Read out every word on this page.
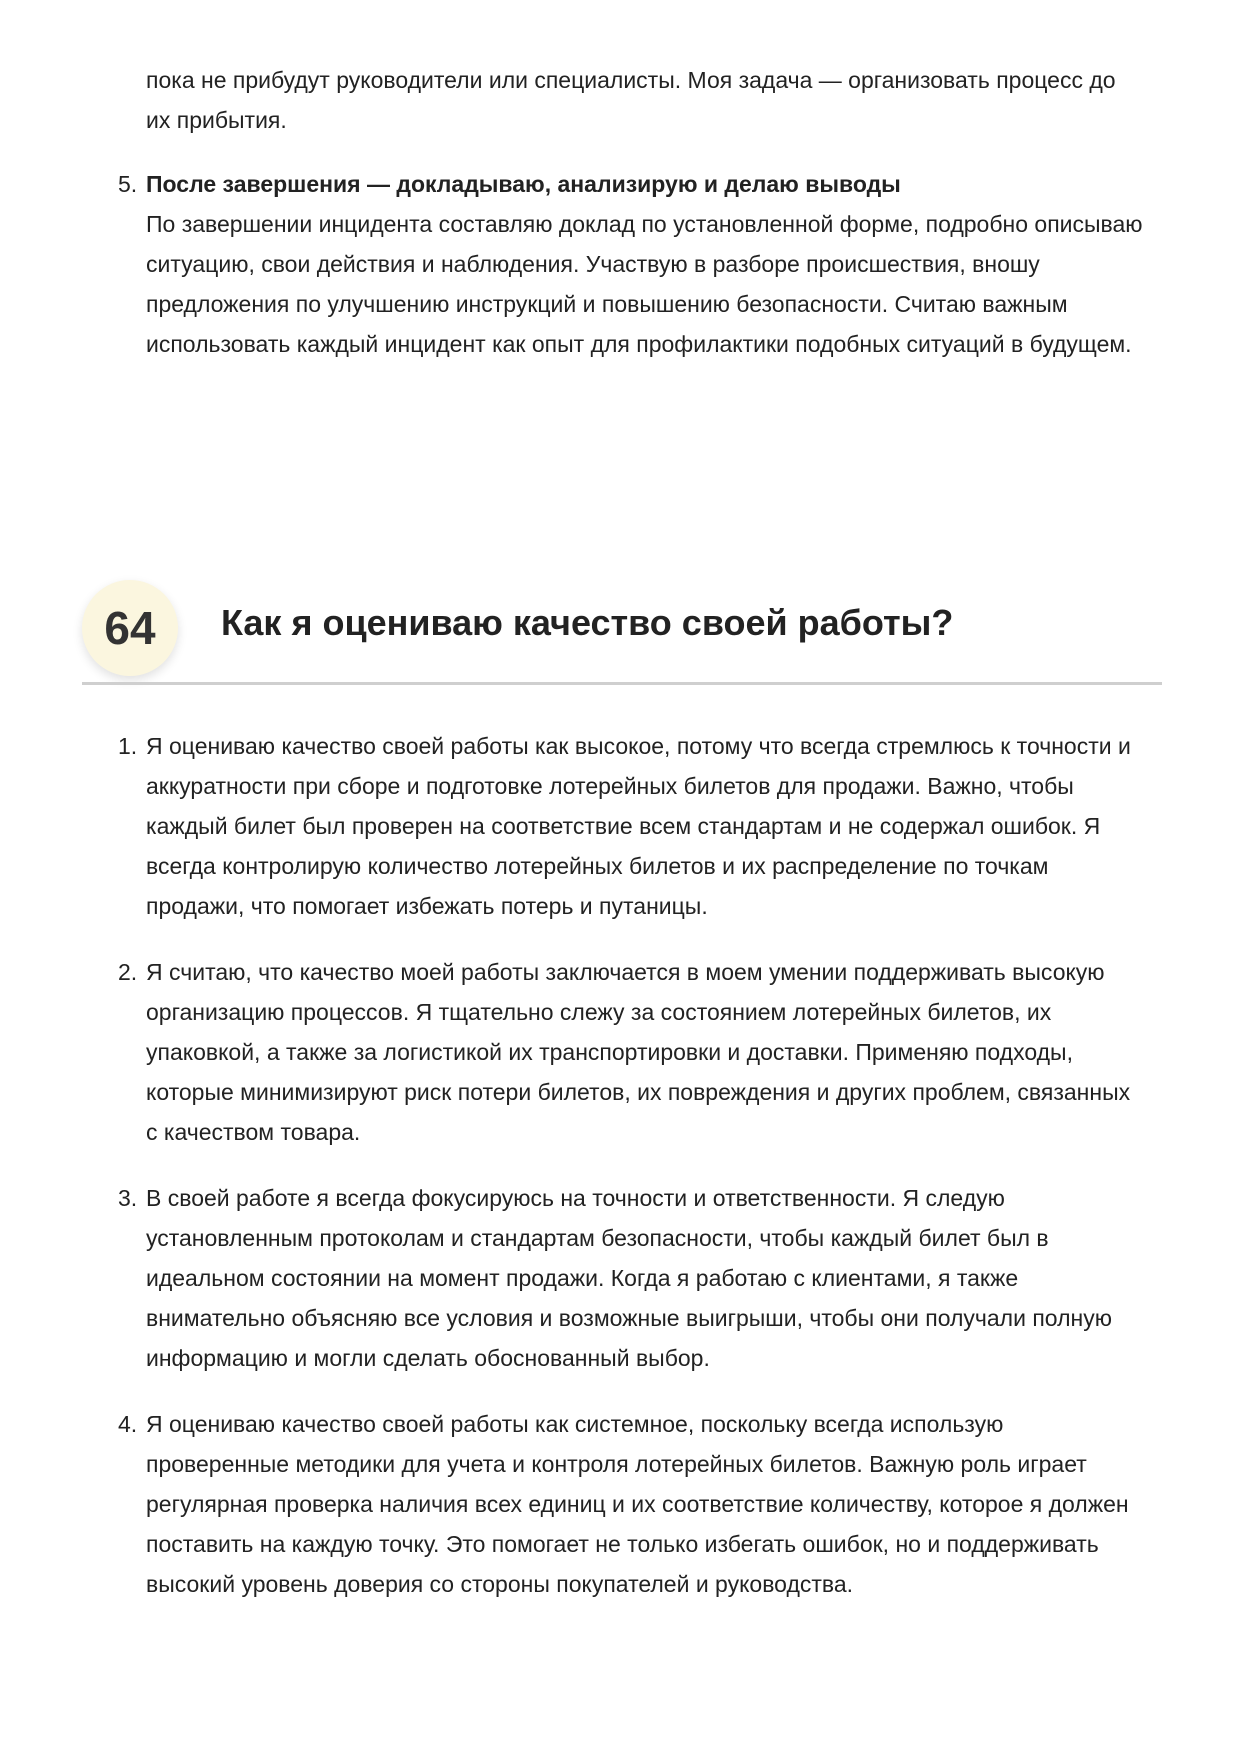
пока не прибудут руководители или специалисты. Моя задача — организовать процесс до их прибытия.
5. После завершения — докладываю, анализирую и делаю выводы
По завершении инцидента составляю доклад по установленной форме, подробно описываю ситуацию, свои действия и наблюдения. Участвую в разборе происшествия, вношу предложения по улучшению инструкций и повышению безопасности. Считаю важным использовать каждый инцидент как опыт для профилактики подобных ситуаций в будущем.
64	Как я оцениваю качество своей работы?
1. Я оцениваю качество своей работы как высокое, потому что всегда стремлюсь к точности и аккуратности при сборе и подготовке лотерейных билетов для продажи. Важно, чтобы каждый билет был проверен на соответствие всем стандартам и не содержал ошибок. Я всегда контролирую количество лотерейных билетов и их распределение по точкам продажи, что помогает избежать потерь и путаницы.
2. Я считаю, что качество моей работы заключается в моем умении поддерживать высокую организацию процессов. Я тщательно слежу за состоянием лотерейных билетов, их упаковкой, а также за логистикой их транспортировки и доставки. Применяю подходы, которые минимизируют риск потери билетов, их повреждения и других проблем, связанных с качеством товара.
3. В своей работе я всегда фокусируюсь на точности и ответственности. Я следую установленным протоколам и стандартам безопасности, чтобы каждый билет был в идеальном состоянии на момент продажи. Когда я работаю с клиентами, я также внимательно объясняю все условия и возможные выигрыши, чтобы они получали полную информацию и могли сделать обоснованный выбор.
4. Я оцениваю качество своей работы как системное, поскольку всегда использую проверенные методики для учета и контроля лотерейных билетов. Важную роль играет регулярная проверка наличия всех единиц и их соответствие количеству, которое я должен поставить на каждую точку. Это помогает не только избегать ошибок, но и поддерживать высокий уровень доверия со стороны покупателей и руководства.
